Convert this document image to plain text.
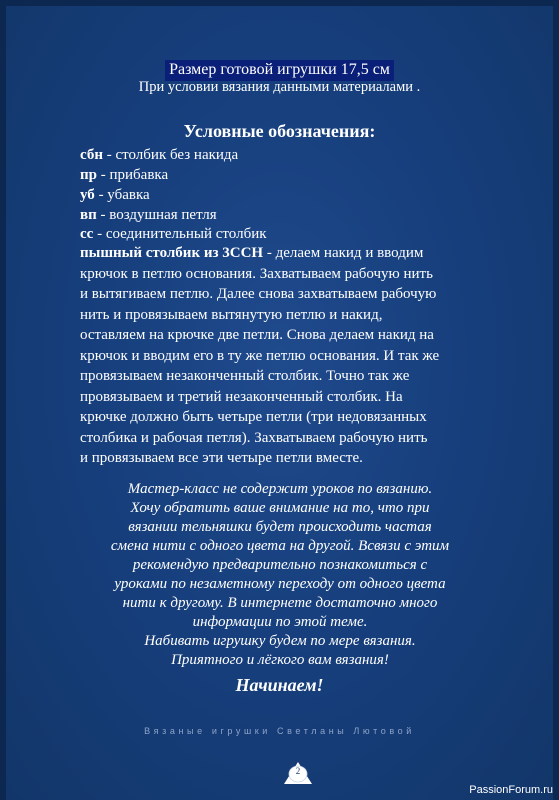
Размер готовой игрушки 17,5 см
При условии вязания данными материалами .
Условные обозначения:
сбн - столбик без накида
пр - прибавка
уб - убавка
вп - воздушная петля
сс - соединительный столбик
пышный столбик из 3ССН - делаем накид и вводим
крючок в петлю основания. Захватываем рабочую нить
и вытягиваем петлю. Далее снова захватываем рабочую
нить и провязываем вытянутую петлю и накид,
оставляем на крючке две петли. Снова делаем накид на
крючок и вводим его в ту же петлю основания. И так же
провязываем незаконченный столбик. Точно так же
провязываем и третий незаконченный столбик. На
крючке должно быть четыре петли (три недовязанных
столбика и рабочая петля). Захватываем рабочую нить
и провязываем все эти четыре петли вместе.
Мастер-класс не содержит уроков по вязанию.
Хочу обратить ваше внимание на то, что при
вязании тельняшки будет происходить частая
смена нити с одного цвета на другой. Всвязи с этим
рекомендую предварительно познакомиться с
уроками по незаметному переходу от одного цвета
нити к другому. В интернете достаточно много
информации по этой теме.
Набивать игрушку будем по мере вязания.
Приятного и лёгкого вам вязания!
Начинаем!
Вязаные игрушки Светланы Лютовой
2
PassionForum.ru
